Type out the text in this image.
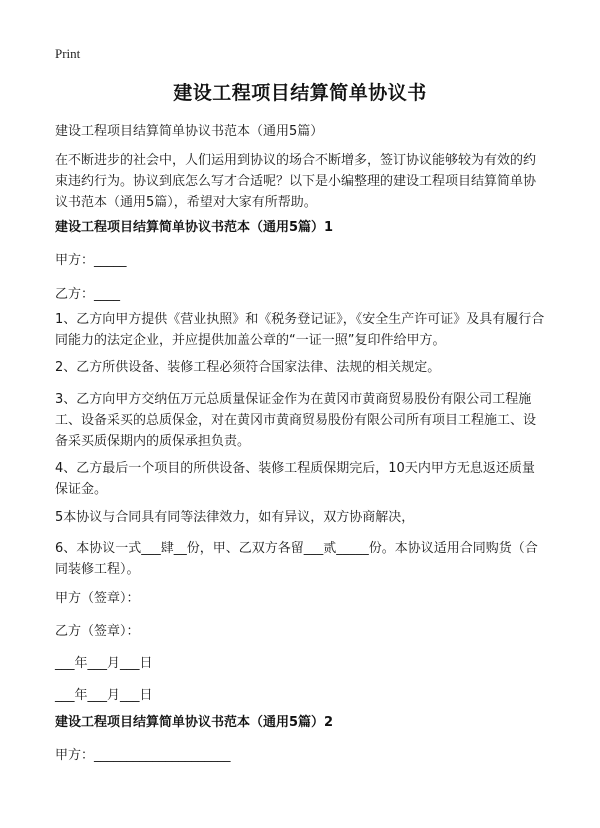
Print
建设工程项目结算简单协议书

建设工程项目结算简单协议书范本（通用5篇）

在不断进步的社会中，人们运用到协议的场合不断增多，签订协议能够较为有效的约束违约行为。协议到底怎么写才合适呢？以下是小编整理的建设工程项目结算简单协议书范本（通用5篇），希望对大家有所帮助。

建设工程项目结算简单协议书范本（通用5篇）1

甲方：_____

乙方：____

1、乙方向甲方提供《营业执照》和《税务登记证》，《安全生产许可证》及具有履行合同能力的法定企业，并应提供加盖公章的“一证一照”复印件给甲方。

2、乙方所供设备、装修工程必须符合国家法律、法规的相关规定。

3、乙方向甲方交纳伍万元总质量保证金作为在黄冈市黄商贸易股份有限公司工程施工、设备采买的总质保金，对在黄冈市黄商贸易股份有限公司所有项目工程施工、设备采买质保期内的质保承担负责。

4、乙方最后一个项目的所供设备、装修工程质保期完后，10天内甲方无息返还质量保证金。

5本协议与合同具有同等法律效力，如有异议，双方协商解决，

6、本协议一式___肆__份，甲、乙双方各留___贰_____份。本协议适用合同购货（合同装修工程）。

甲方（签章）：

乙方（签章）：

___年___月___日

___年___月___日

建设工程项目结算简单协议书范本（通用5篇）2

甲方：_____________________
